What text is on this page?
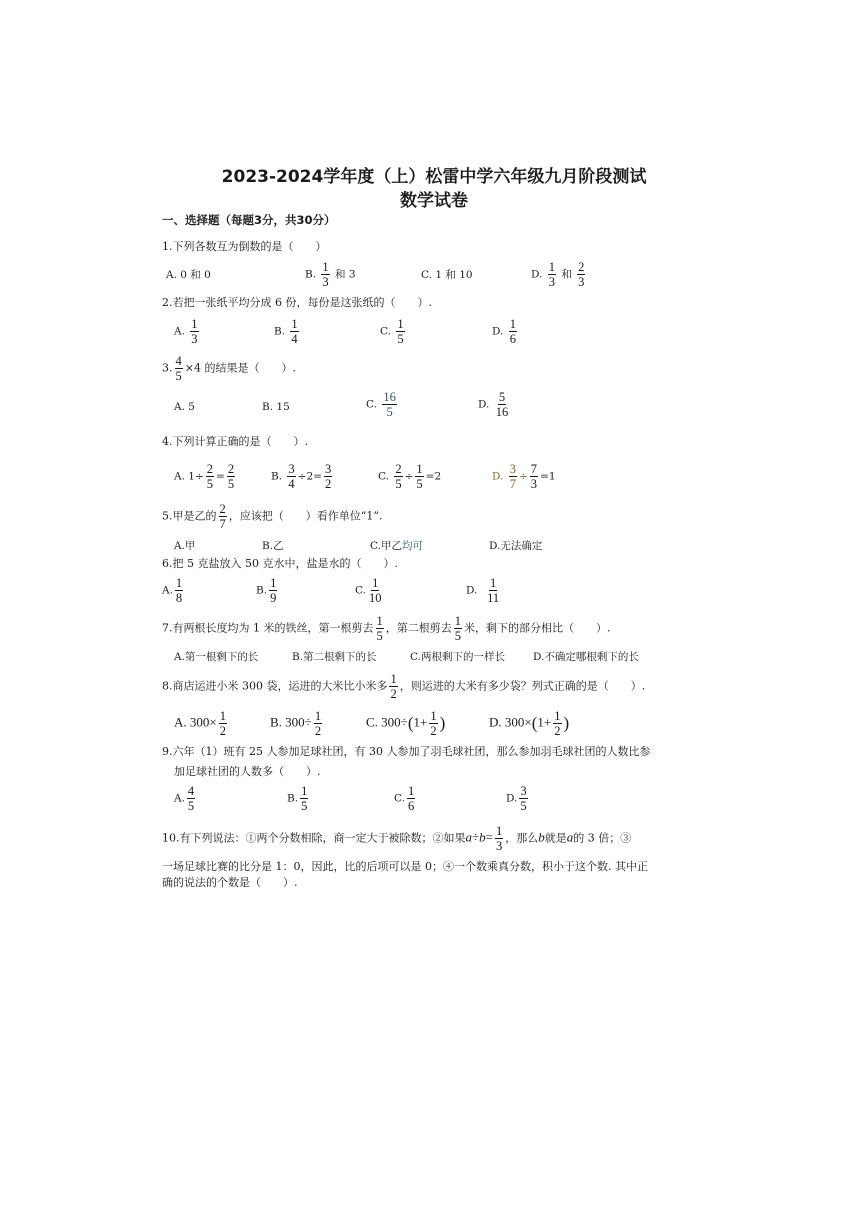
2023-2024学年度（上）松雷中学六年级九月阶段测试
数学试卷
一、选择题（每题3分，共30分）
1.下列各数互为倒数的是（　　）
A. 0 和 0	B. $\frac{1}{3}$ 和 3	C. 1 和 10	D. $\frac{1}{3}$ 和 $\frac{2}{3}$
2.若把一张纸平均分成 6 份，每份是这张纸的（　　）.
A. $\frac{1}{3}$	B. $\frac{1}{4}$	C. $\frac{1}{5}$	D. $\frac{1}{6}$
3. $\frac{4}{5} \times 4$ 的结果是（　　）.
A. 5	B. 15	C. $\frac{16}{5}$	D. $\frac{5}{16}$
4.下列计算正确的是（　　）.
A. $1\div \frac{2}{5} = \frac{2}{5}$	B. $\frac{3}{4} \div 2= \frac{3}{2}$	C. $\frac{2}{5} \div \frac{1}{5} =2$	D. $\frac{3}{7} \div \frac{7}{3} =1$
5.甲是乙的 $\frac{2}{7}$ ，应该把（　　）看作单位“1”.
A.甲	B.乙	C.甲乙均可	D.无法确定
6.把 5 克盐放入 50 克水中，盐是水的（　　）.
A. $\frac{1}{8}$	B. $\frac{1}{9}$	C. $\frac{1}{10}$	D. $\frac{1}{11}$
7.有两根长度均为 1 米的铁丝，第一根剪去 $\frac{1}{5}$ ，第二根剪去 $\frac{1}{5}$ 米，剩下的部分相比（　　）.
A.第一根剩下的长	B.第二根剩下的长	C.两根剩下的一样长	D.不确定哪根剩下的长
8.商店运进小米 300 袋，运进的大米比小米多 $\frac{1}{2}$ ，则运进的大米有多少袋？列式正确的是（　　）.
A. $300\times \frac{1}{2}$	B. $300\div \frac{1}{2}$	C. $300\div(1+ \frac{1}{2}$ )	D. $300\times(1+ \frac{1}{2}$ )
9.六年（1）班有 25 人参加足球社团，有 30 人参加了羽毛球社团，那么参加羽毛球社团的人数比参
加足球社团的人数多（　　）.
A. $\frac{4}{5}$	B. $\frac{1}{5}$	C. $\frac{1}{6}$	D. $\frac{3}{5}$
10.有下列说法：①两个分数相除，商一定大于被除数；②如果$a\div b= \frac{1}{3}$ ，那么b就是a的 3 倍；③
一场足球比赛的比分是 1：0，因此，比的后项可以是 0；④一个数乘真分数，积小于这个数. 其中正
确的说法的个数是（　　）.
